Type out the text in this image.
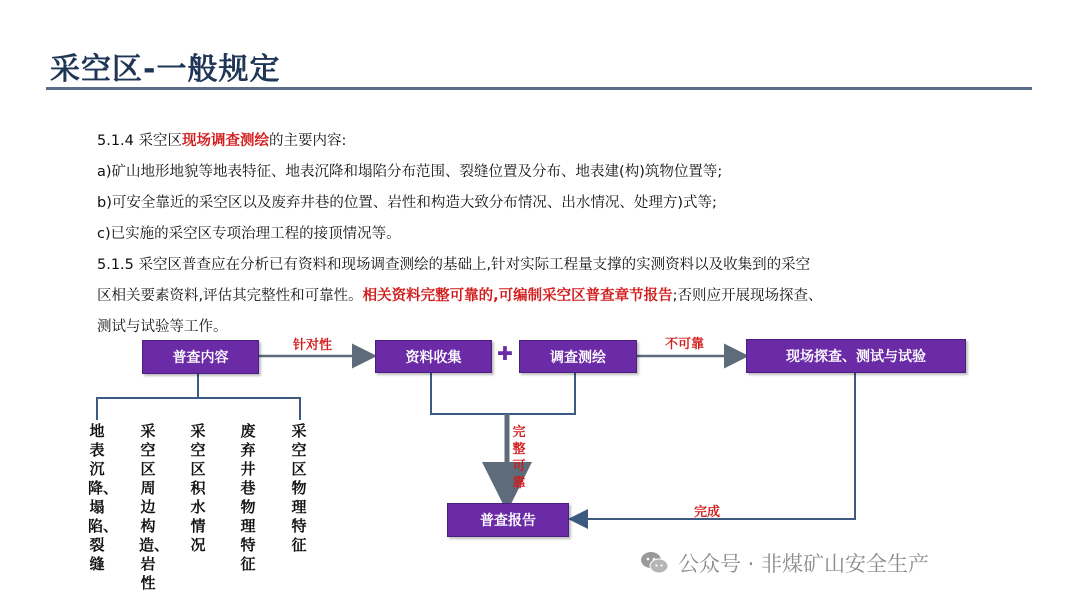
采空区-一般规定
5.1.4 采空区现场调查测绘的主要内容:
a)矿山地形地貌等地表特征、地表沉降和塌陷分布范围、裂缝位置及分布、地表建(构)筑物位置等;
b)可安全靠近的采空区以及废弃井巷的位置、岩性和构造大致分布情况、出水情况、处理方)式等;
c)已实施的采空区专项治理工程的接顶情况等。
5.1.5 采空区普查应在分析已有资料和现场调查测绘的基础上,针对实际工程量支撑的实测资料以及收集到的采空
区相关要素资料,评估其完整性和可靠性。相关资料完整可靠的,可编制采空区普查章节报告;否则应开展现场探查、
测试与试验等工作。
普查内容	资料收集	调查测绘	现场探查、测试与试验
普查报告
✚
针对性	不可靠
完整可靠
完成
地表沉降、塌陷、裂缝
采空区周边构造、岩性
采空区积水情况
废弃井巷物理特征
采空区物理特征
公众号 · 非煤矿山安全生产
